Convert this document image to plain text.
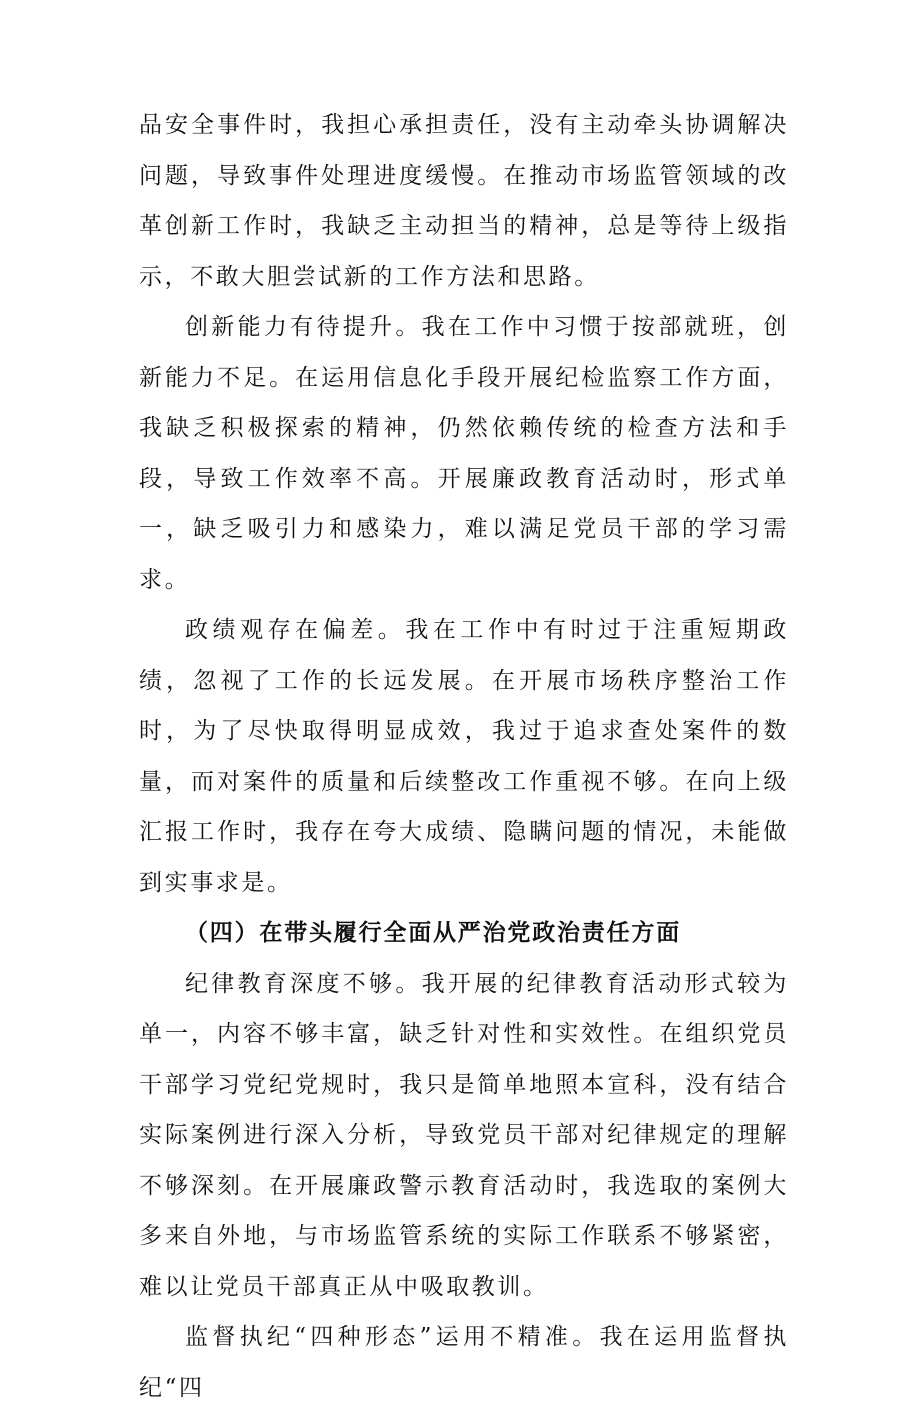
品安全事件时，我担心承担责任，没有主动牵头协调解决问题，导致事件处理进度缓慢。在推动市场监管领域的改革创新工作时，我缺乏主动担当的精神，总是等待上级指示，不敢大胆尝试新的工作方法和思路。

创新能力有待提升。我在工作中习惯于按部就班，创新能力不足。在运用信息化手段开展纪检监察工作方面，我缺乏积极探索的精神，仍然依赖传统的检查方法和手段，导致工作效率不高。开展廉政教育活动时，形式单一，缺乏吸引力和感染力，难以满足党员干部的学习需求。

政绩观存在偏差。我在工作中有时过于注重短期政绩，忽视了工作的长远发展。在开展市场秩序整治工作时，为了尽快取得明显成效，我过于追求查处案件的数量，而对案件的质量和后续整改工作重视不够。在向上级汇报工作时，我存在夸大成绩、隐瞒问题的情况，未能做到实事求是。

（四）在带头履行全面从严治党政治责任方面

纪律教育深度不够。我开展的纪律教育活动形式较为单一，内容不够丰富，缺乏针对性和实效性。在组织党员干部学习党纪党规时，我只是简单地照本宣科，没有结合实际案例进行深入分析，导致党员干部对纪律规定的理解不够深刻。在开展廉政警示教育活动时，我选取的案例大多来自外地，与市场监管系统的实际工作联系不够紧密，难以让党员干部真正从中吸取教训。

监督执纪“四种形态”运用不精准。我在运用监督执纪“四
